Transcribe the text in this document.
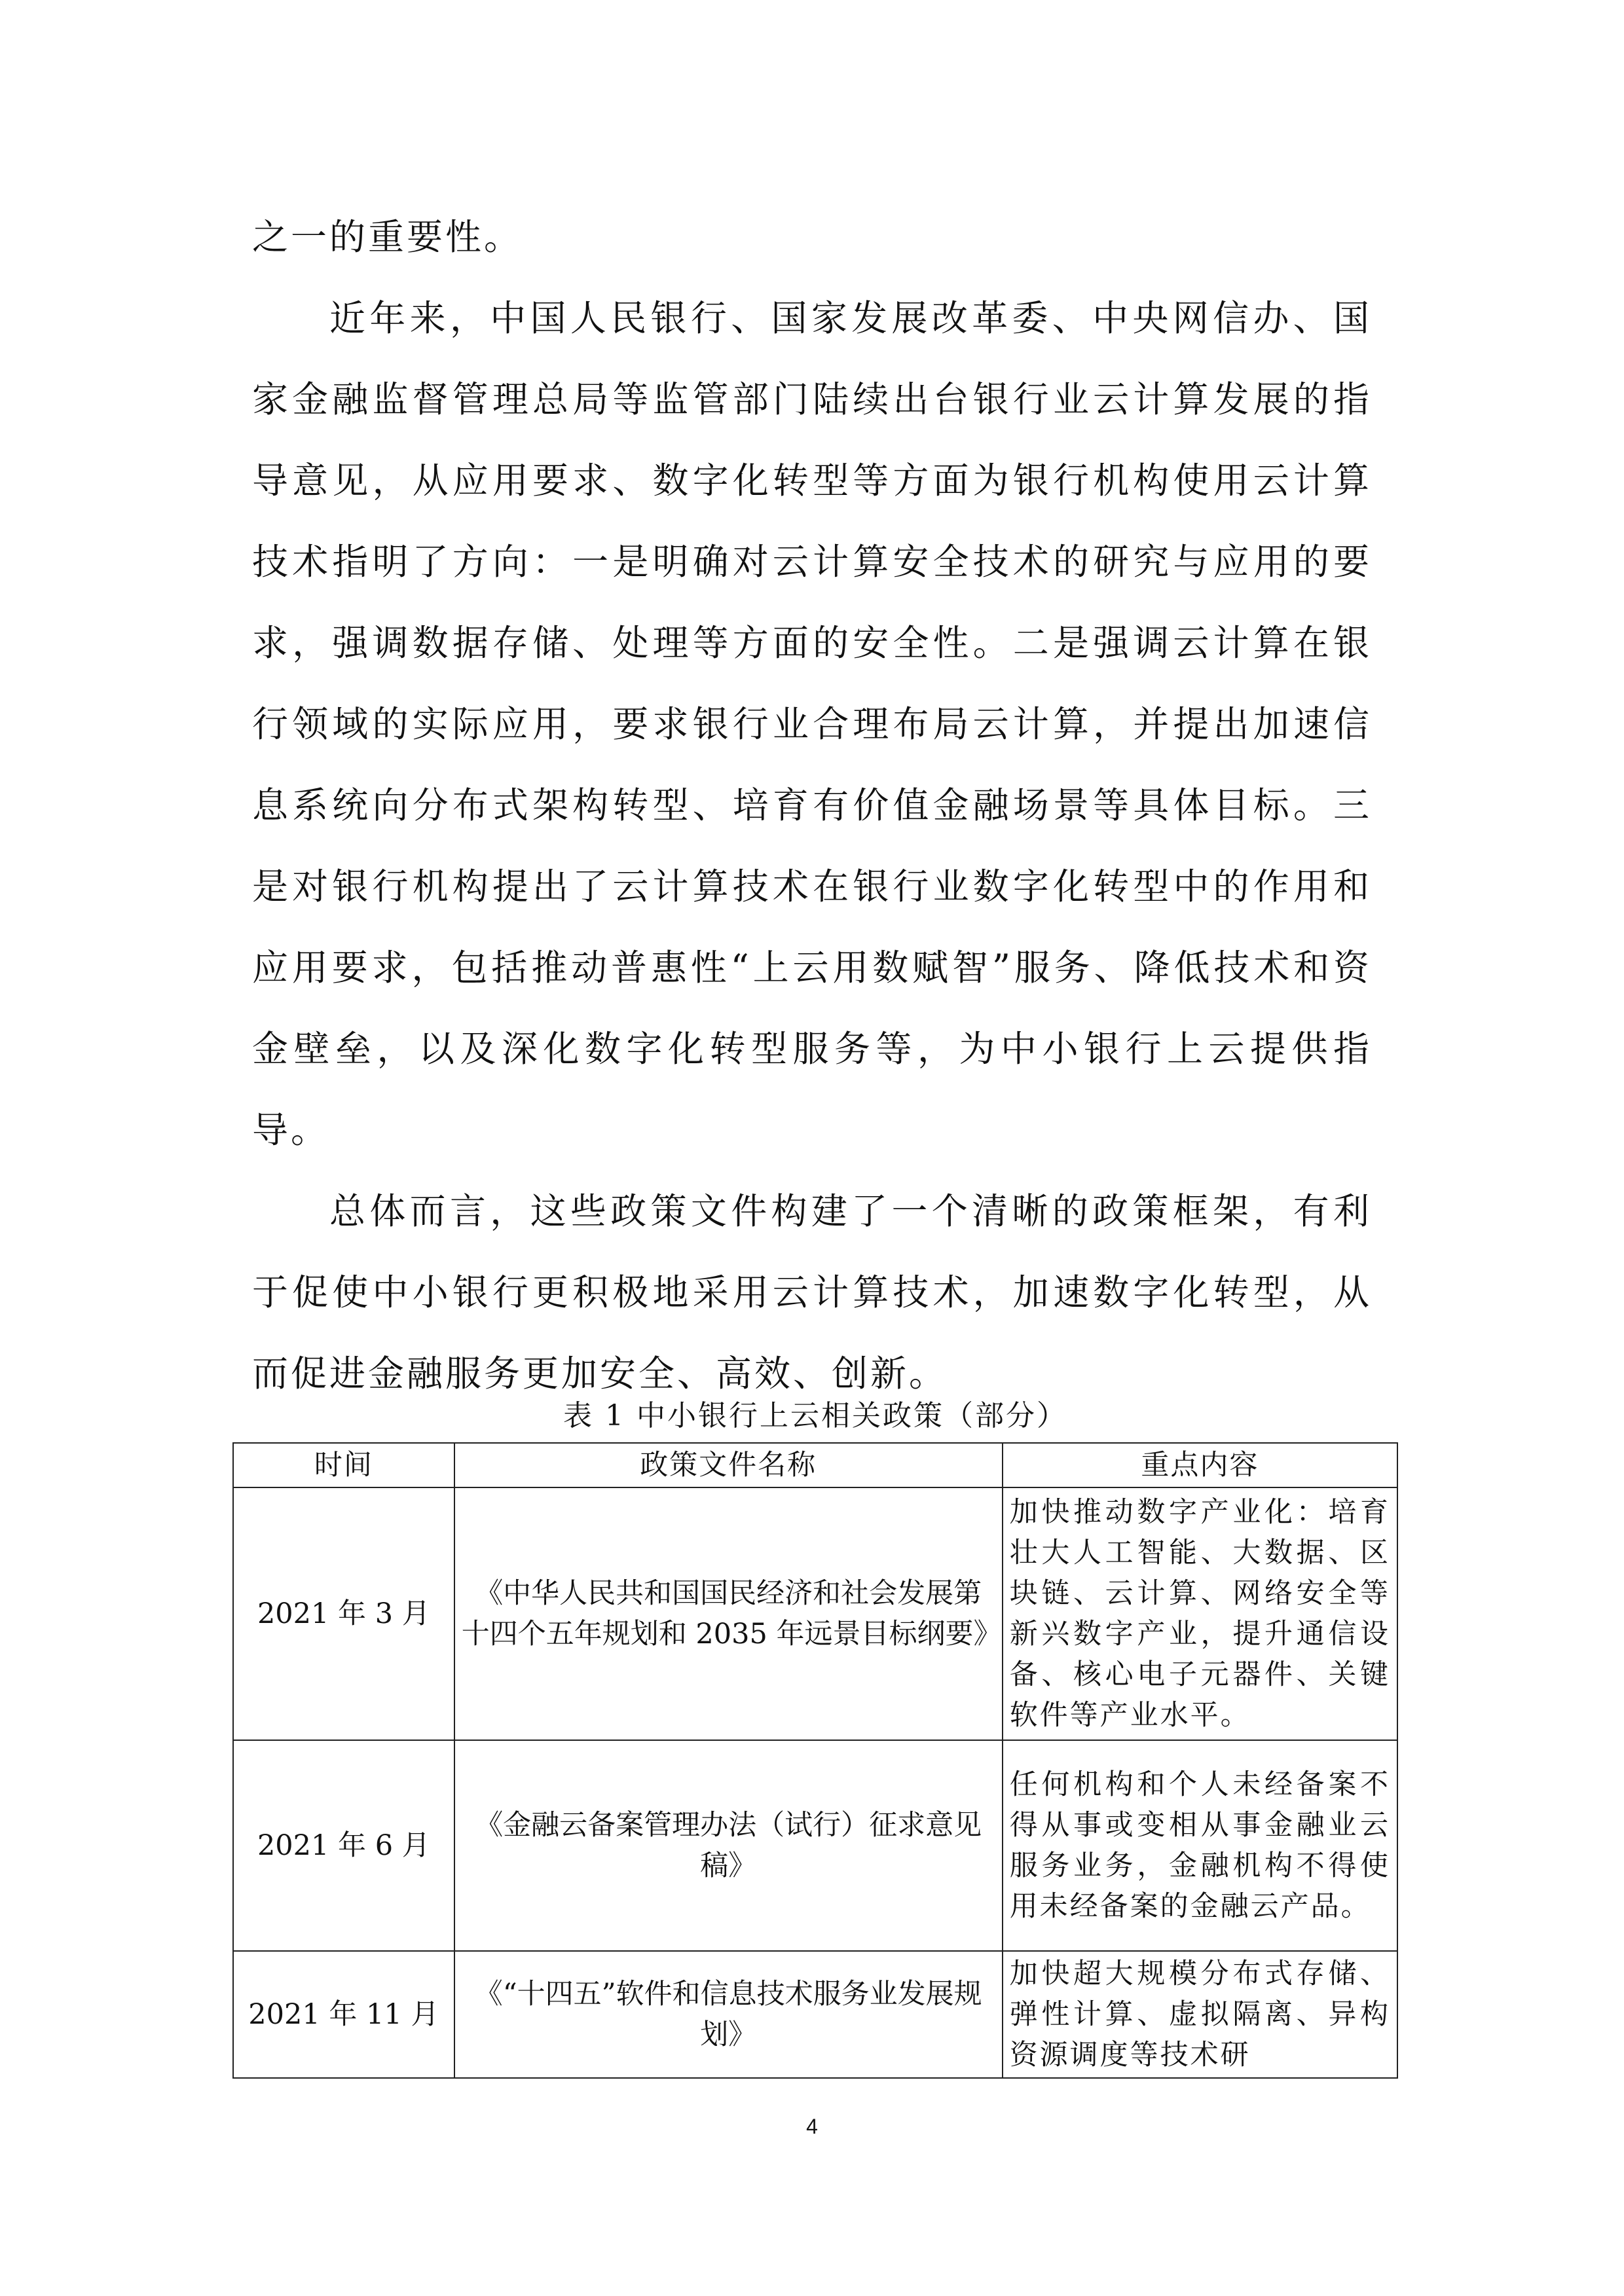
之一的重要性。

近年来，中国人民银行、国家发展改革委、中央网信办、国家金融监督管理总局等监管部门陆续出台银行业云计算发展的指导意见，从应用要求、数字化转型等方面为银行机构使用云计算技术指明了方向：一是明确对云计算安全技术的研究与应用的要求，强调数据存储、处理等方面的安全性。二是强调云计算在银行领域的实际应用，要求银行业合理布局云计算，并提出加速信息系统向分布式架构转型、培育有价值金融场景等具体目标。三是对银行机构提出了云计算技术在银行业数字化转型中的作用和应用要求，包括推动普惠性“上云用数赋智”服务、降低技术和资金壁垒，以及深化数字化转型服务等，为中小银行上云提供指导。

总体而言，这些政策文件构建了一个清晰的政策框架，有利于促使中小银行更积极地采用云计算技术，加速数字化转型，从而促进金融服务更加安全、高效、创新。

表 1 中小银行上云相关政策（部分）
时间	政策文件名称	重点内容
2021 年 3 月	《中华人民共和国国民经济和社会发展第十四个五年规划和 2035 年远景目标纲要》	加快推动数字产业化：培育壮大人工智能、大数据、区块链、云计算、网络安全等新兴数字产业，提升通信设备、核心电子元器件、关键软件等产业水平。
2021 年 6 月	《金融云备案管理办法（试行）征求意见稿》	任何机构和个人未经备案不得从事或变相从事金融业云服务业务，金融机构不得使用未经备案的金融云产品。
2021 年 11 月	《“十四五”软件和信息技术服务业发展规划》	加快超大规模分布式存储、弹性计算、虚拟隔离、异构资源调度等技术研
4
